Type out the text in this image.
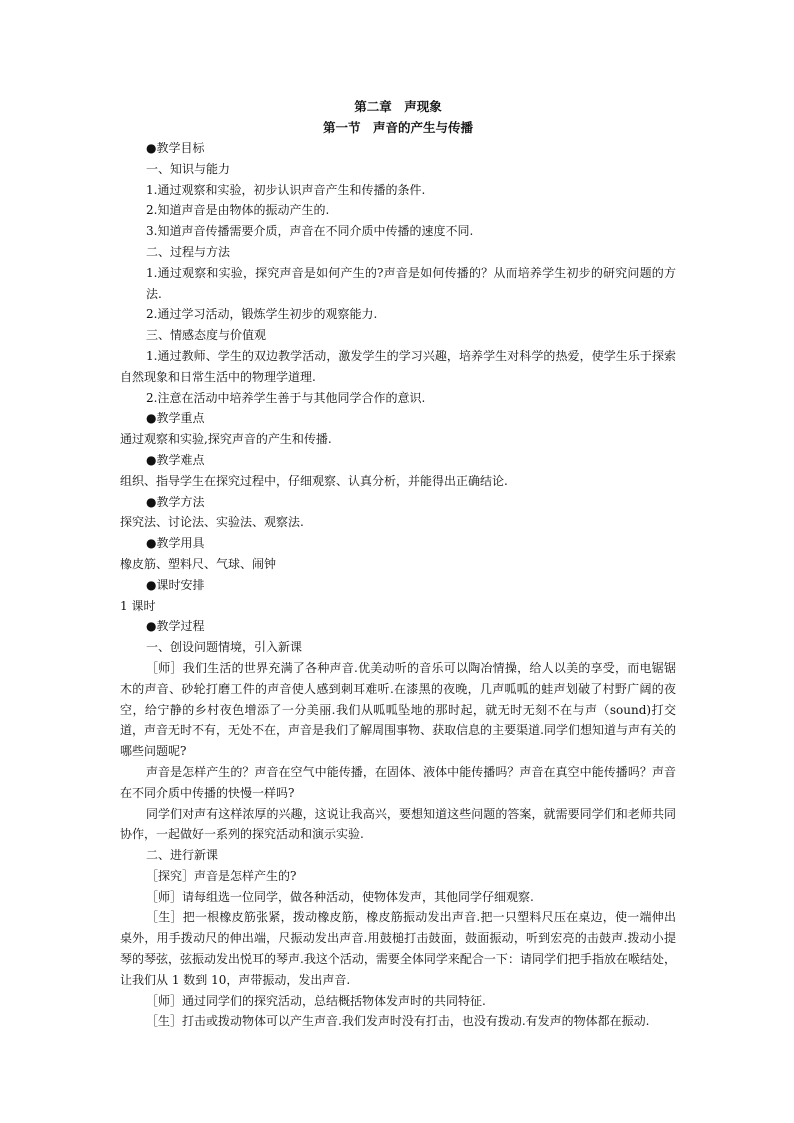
第二章　声现象

第一节　声音的产生与传播

●教学目标

一、知识与能力

1.通过观察和实验，初步认识声音产生和传播的条件.

2.知道声音是由物体的振动产生的.

3.知道声音传播需要介质，声音在不同介质中传播的速度不同.

二、过程与方法

1.通过观察和实验，探究声音是如何产生的?声音是如何传播的？从而培养学生初步的研究问题的方法.

2.通过学习活动，锻炼学生初步的观察能力.

三、情感态度与价值观

1.通过教师、学生的双边教学活动，激发学生的学习兴趣，培养学生对科学的热爱，使学生乐于探索自然现象和日常生活中的物理学道理.

2.注意在活动中培养学生善于与其他同学合作的意识.

●教学重点

通过观察和实验,探究声音的产生和传播.

●教学难点

组织、指导学生在探究过程中，仔细观察、认真分析，并能得出正确结论.

●教学方法

探究法、讨论法、实验法、观察法.

●教学用具

橡皮筋、塑料尺、气球、闹钟

●课时安排

1 课时

●教学过程

一、创设问题情境，引入新课

［师］我们生活的世界充满了各种声音.优美动听的音乐可以陶冶情操，给人以美的享受，而电锯锯木的声音、砂轮打磨工件的声音使人感到刺耳难听.在漆黑的夜晚，几声呱呱的蛙声划破了村野广阔的夜空，给宁静的乡村夜色增添了一分美丽.我们从呱呱坠地的那时起，就无时无刻不在与声（sound)打交道，声音无时不有，无处不在，声音是我们了解周围事物、获取信息的主要渠道.同学们想知道与声有关的哪些问题呢?

声音是怎样产生的？声音在空气中能传播，在固体、液体中能传播吗？声音在真空中能传播吗？声音在不同介质中传播的快慢一样吗?

同学们对声有这样浓厚的兴趣，这说让我高兴，要想知道这些问题的答案，就需要同学们和老师共同协作，一起做好一系列的探究活动和演示实验.

二、进行新课

［探究］声音是怎样产生的?

［师］请每组选一位同学，做各种活动，使物体发声，其他同学仔细观察.

［生］把一根橡皮筋张紧，拨动橡皮筋，橡皮筋振动发出声音.把一只塑料尺压在桌边，使一端伸出桌外，用手拨动尺的伸出端，尺振动发出声音.用鼓槌打击鼓面，鼓面振动，听到宏亮的击鼓声.拨动小提琴的琴弦，弦振动发出悦耳的琴声.我这个活动，需要全体同学来配合一下：请同学们把手指放在喉结处，让我们从 1 数到 10，声带振动，发出声音.

［师］通过同学们的探究活动，总结概括物体发声时的共同特征.

［生］打击或拨动物体可以产生声音.我们发声时没有打击，也没有拨动.有发声的物体都在振动.
